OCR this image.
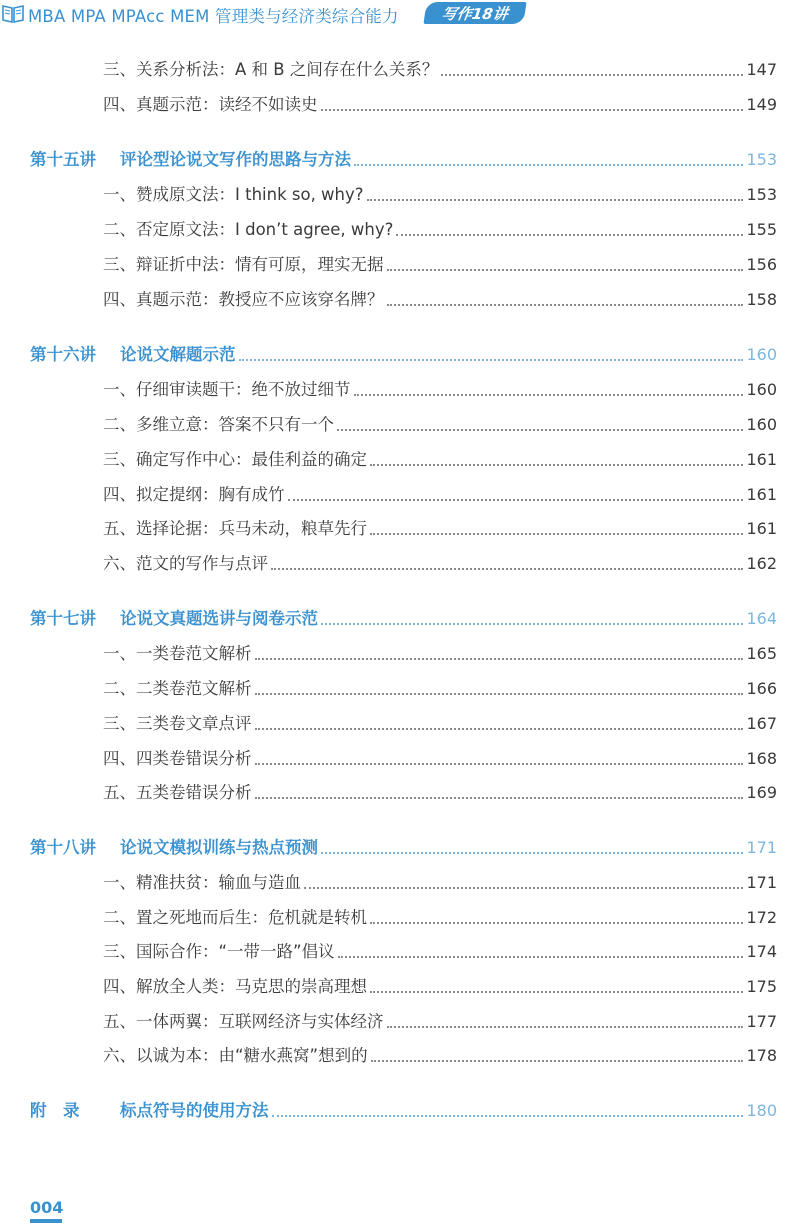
MBA MPA MPAcc MEM 管理类与经济类综合能力	写作18讲
三、关系分析法：A 和 B 之间存在什么关系？	147
四、真题示范：读经不如读史	149
第十五讲 评论型论说文写作的思路与方法	153
一、赞成原文法：I think so, why?	153
二、否定原文法：I don’t agree, why?	155
三、辩证折中法：情有可原，理实无据	156
四、真题示范：教授应不应该穿名牌？	158
第十六讲 论说文解题示范	160
一、仔细审读题干：绝不放过细节	160
二、多维立意：答案不只有一个	160
三、确定写作中心：最佳利益的确定	161
四、拟定提纲：胸有成竹	161
五、选择论据：兵马未动，粮草先行	161
六、范文的写作与点评	162
第十七讲 论说文真题选讲与阅卷示范	164
一、一类卷范文解析	165
二、二类卷范文解析	166
三、三类卷文章点评	167
四、四类卷错误分析	168
五、五类卷错误分析	169
第十八讲 论说文模拟训练与热点预测	171
一、精准扶贫：输血与造血	171
二、置之死地而后生：危机就是转机	172
三、国际合作：“一带一路”倡议	174
四、解放全人类：马克思的崇高理想	175
五、一体两翼：互联网经济与实体经济	177
六、以诚为本：由“糖水燕窝”想到的	178
附　录 标点符号的使用方法	180
004
